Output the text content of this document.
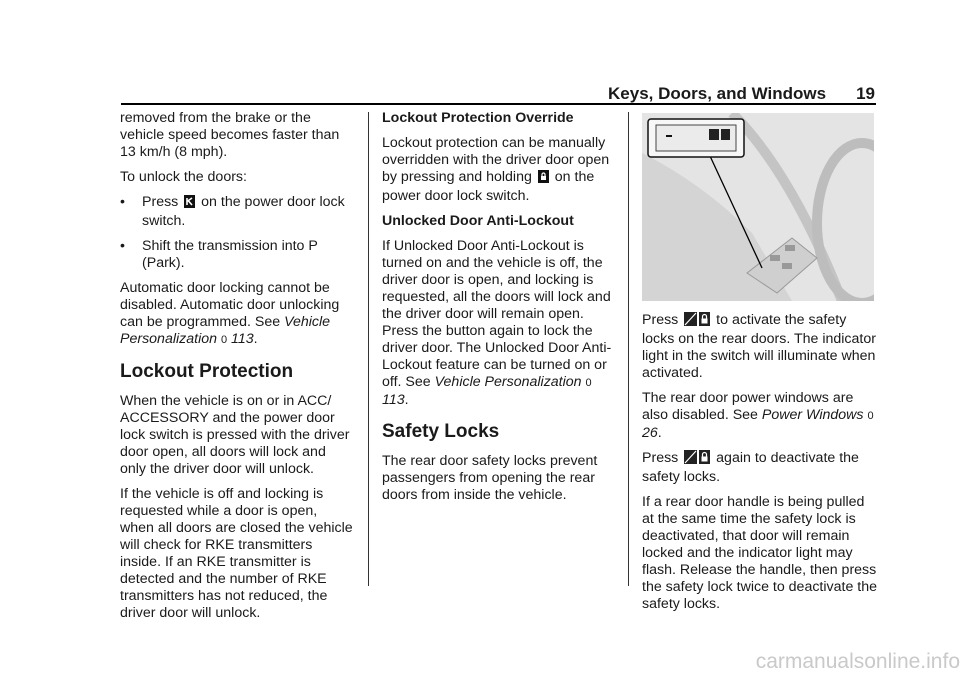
Keys, Doors, and Windows 19

removed from the brake or the vehicle speed becomes faster than 13 km/h (8 mph).

To unlock the doors:

•	Press on the power door lock switch.
•	Shift the transmission into P (Park).

Automatic door locking cannot be disabled. Automatic door unlocking can be programmed. See Vehicle Personalization 0 113.

Lockout Protection

When the vehicle is on or in ACC/ ACCESSORY and the power door lock switch is pressed with the driver door open, all doors will lock and only the driver door will unlock.

If the vehicle is off and locking is requested while a door is open, when all doors are closed the vehicle will check for RKE transmitters inside. If an RKE transmitter is detected and the number of RKE transmitters has not reduced, the driver door will unlock.

Lockout Protection Override

Lockout protection can be manually overridden with the driver door open by pressing and holding on the power door lock switch.

Unlocked Door Anti-Lockout

If Unlocked Door Anti-Lockout is turned on and the vehicle is off, the driver door is open, and locking is requested, all the doors will lock and the driver door will remain open. Press the button again to lock the driver door. The Unlocked Door Anti-Lockout feature can be turned on or off. See Vehicle Personalization 0 113.

Safety Locks

The rear door safety locks prevent passengers from opening the rear doors from inside the vehicle.

Press	to activate the safety locks on the rear doors. The indicator light in the switch will illuminate when activated.

The rear door power windows are also disabled. See Power Windows 0 26.

Press	again to deactivate the safety locks.

If a rear door handle is being pulled at the same time the safety lock is deactivated, that door will remain locked and the indicator light may flash. Release the handle, then press the safety lock twice to deactivate the safety locks.

carmanualsonline.info
